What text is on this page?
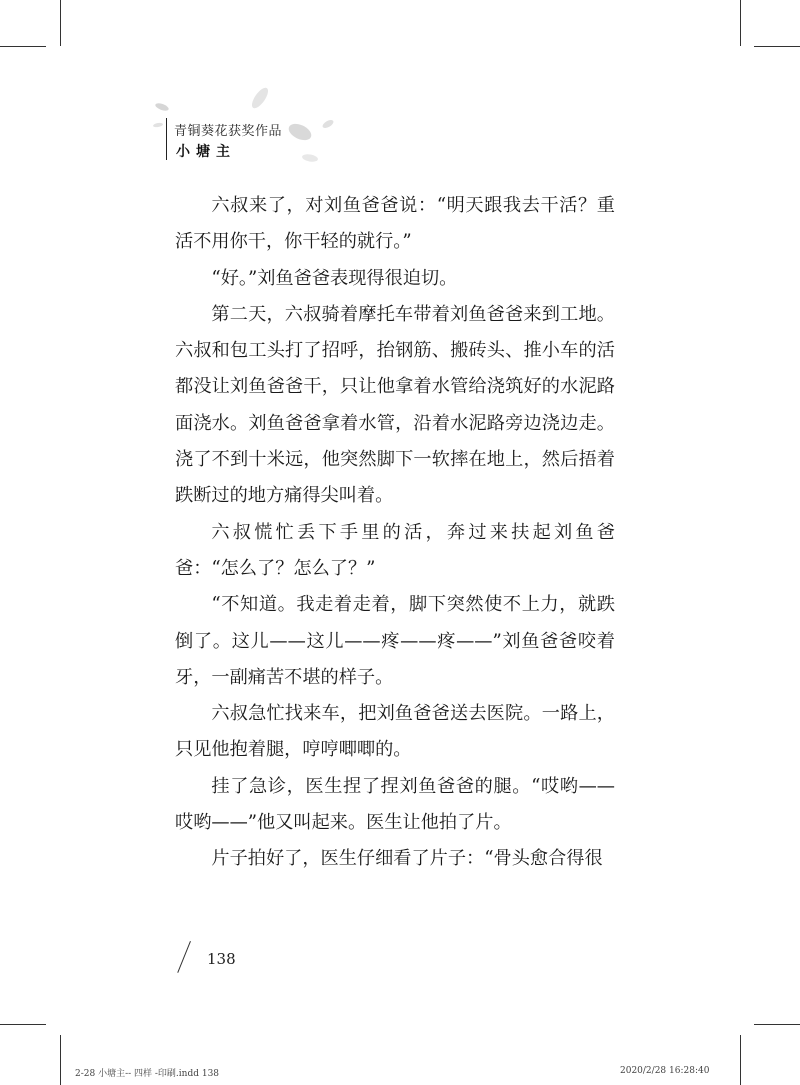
青铜葵花获奖作品
小塘主

六叔来了，对刘鱼爸爸说：“明天跟我去干活？重活不用你干，你干轻的就行。”

“好。”刘鱼爸爸表现得很迫切。

第二天，六叔骑着摩托车带着刘鱼爸爸来到工地。六叔和包工头打了招呼，抬钢筋、搬砖头、推小车的活都没让刘鱼爸爸干，只让他拿着水管给浇筑好的水泥路面浇水。刘鱼爸爸拿着水管，沿着水泥路旁边浇边走。浇了不到十米远，他突然脚下一软摔在地上，然后捂着跌断过的地方痛得尖叫着。

六叔慌忙丢下手里的活，奔过来扶起刘鱼爸爸：“怎么了？怎么了？”

“不知道。我走着走着，脚下突然使不上力，就跌倒了。这儿——这儿——疼——疼——”刘鱼爸爸咬着牙，一副痛苦不堪的样子。

六叔急忙找来车，把刘鱼爸爸送去医院。一路上，只见他抱着腿，哼哼唧唧的。

挂了急诊，医生捏了捏刘鱼爸爸的腿。“哎哟——哎哟——”他又叫起来。医生让他拍了片。

片子拍好了，医生仔细看了片子：“骨头愈合得很

138
2-28 小塘主-- 四样 -印刷.indd 138	2020/2/28 16:28:40
